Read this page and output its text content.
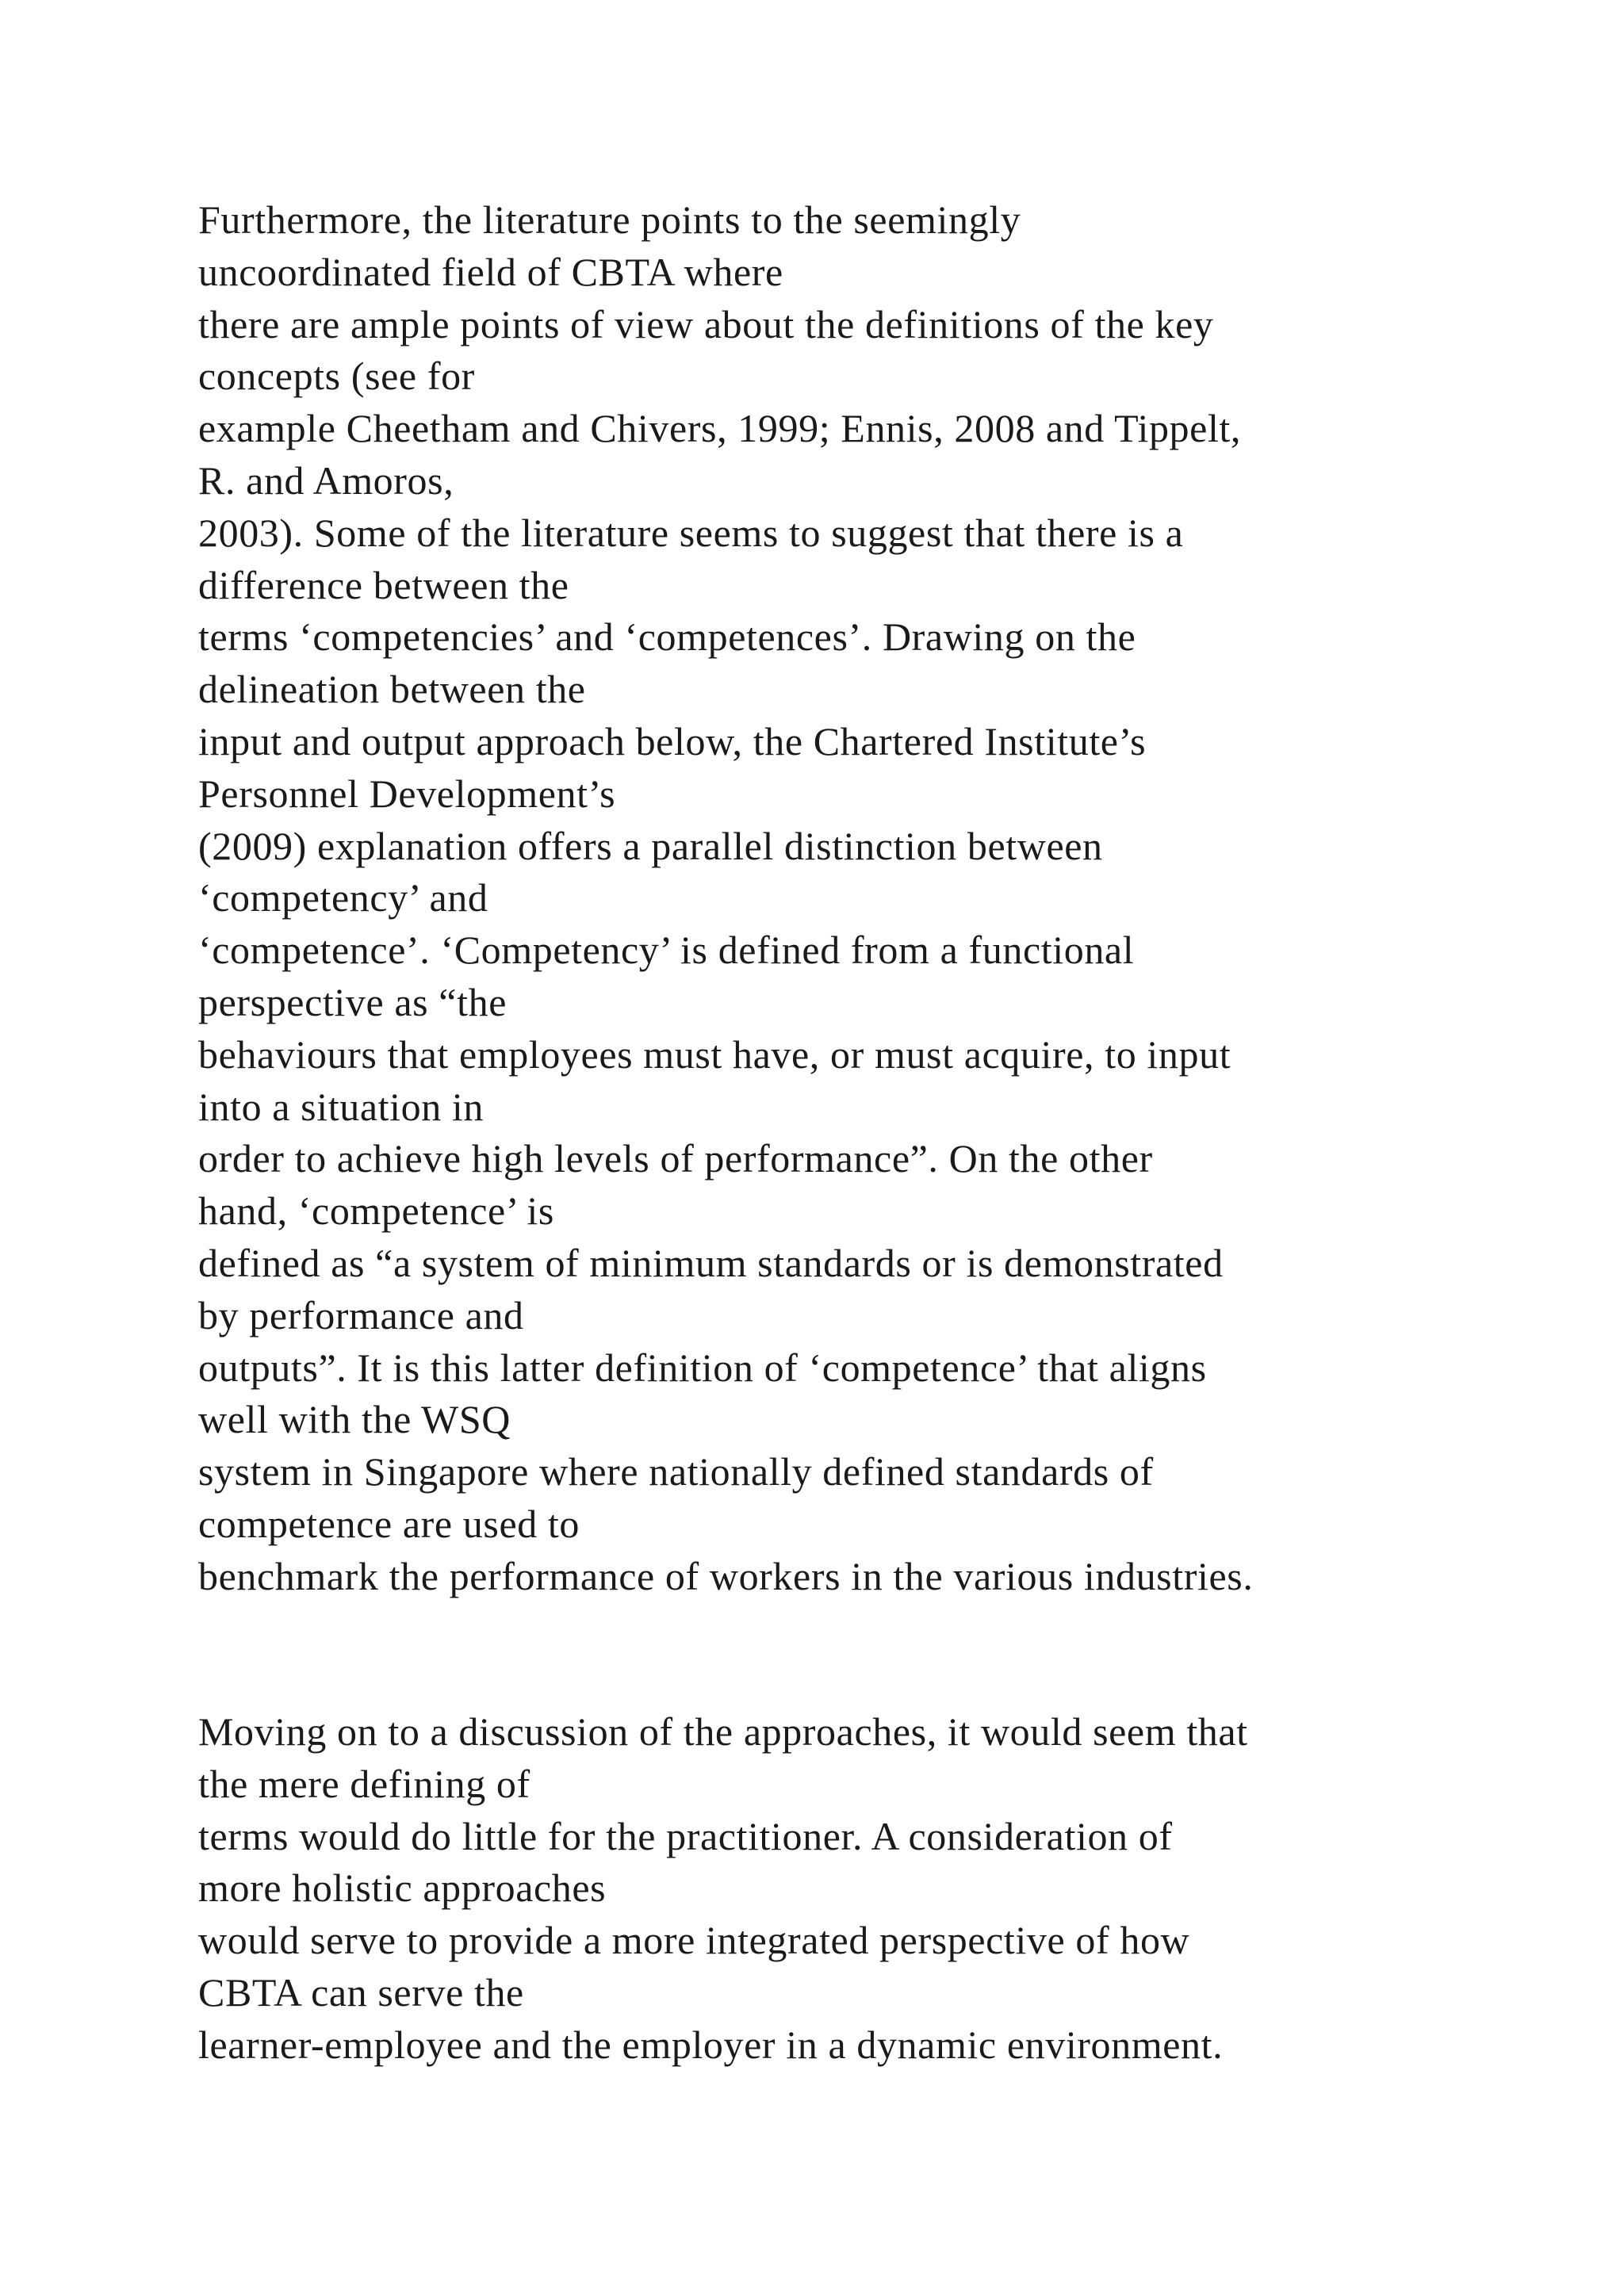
Furthermore, the literature points to the seemingly
uncoordinated field of CBTA where
there are ample points of view about the definitions of the key
concepts (see for
example Cheetham and Chivers, 1999; Ennis, 2008 and Tippelt,
R. and Amoros,
2003). Some of the literature seems to suggest that there is a
difference between the
terms ‘competencies’ and ‘competences’. Drawing on the
delineation between the
input and output approach below, the Chartered Institute’s
Personnel Development’s
(2009) explanation offers a parallel distinction between
‘competency’ and
‘competence’. ‘Competency’ is defined from a functional
perspective as “the
behaviours that employees must have, or must acquire, to input
into a situation in
order to achieve high levels of performance”. On the other
hand, ‘competence’ is
defined as “a system of minimum standards or is demonstrated
by performance and
outputs”. It is this latter definition of ‘competence’ that aligns
well with the WSQ
system in Singapore where nationally defined standards of
competence are used to
benchmark the performance of workers in the various industries.

Moving on to a discussion of the approaches, it would seem that
the mere defining of
terms would do little for the practitioner. A consideration of
more holistic approaches
would serve to provide a more integrated perspective of how
CBTA can serve the
learner-employee and the employer in a dynamic environment.
